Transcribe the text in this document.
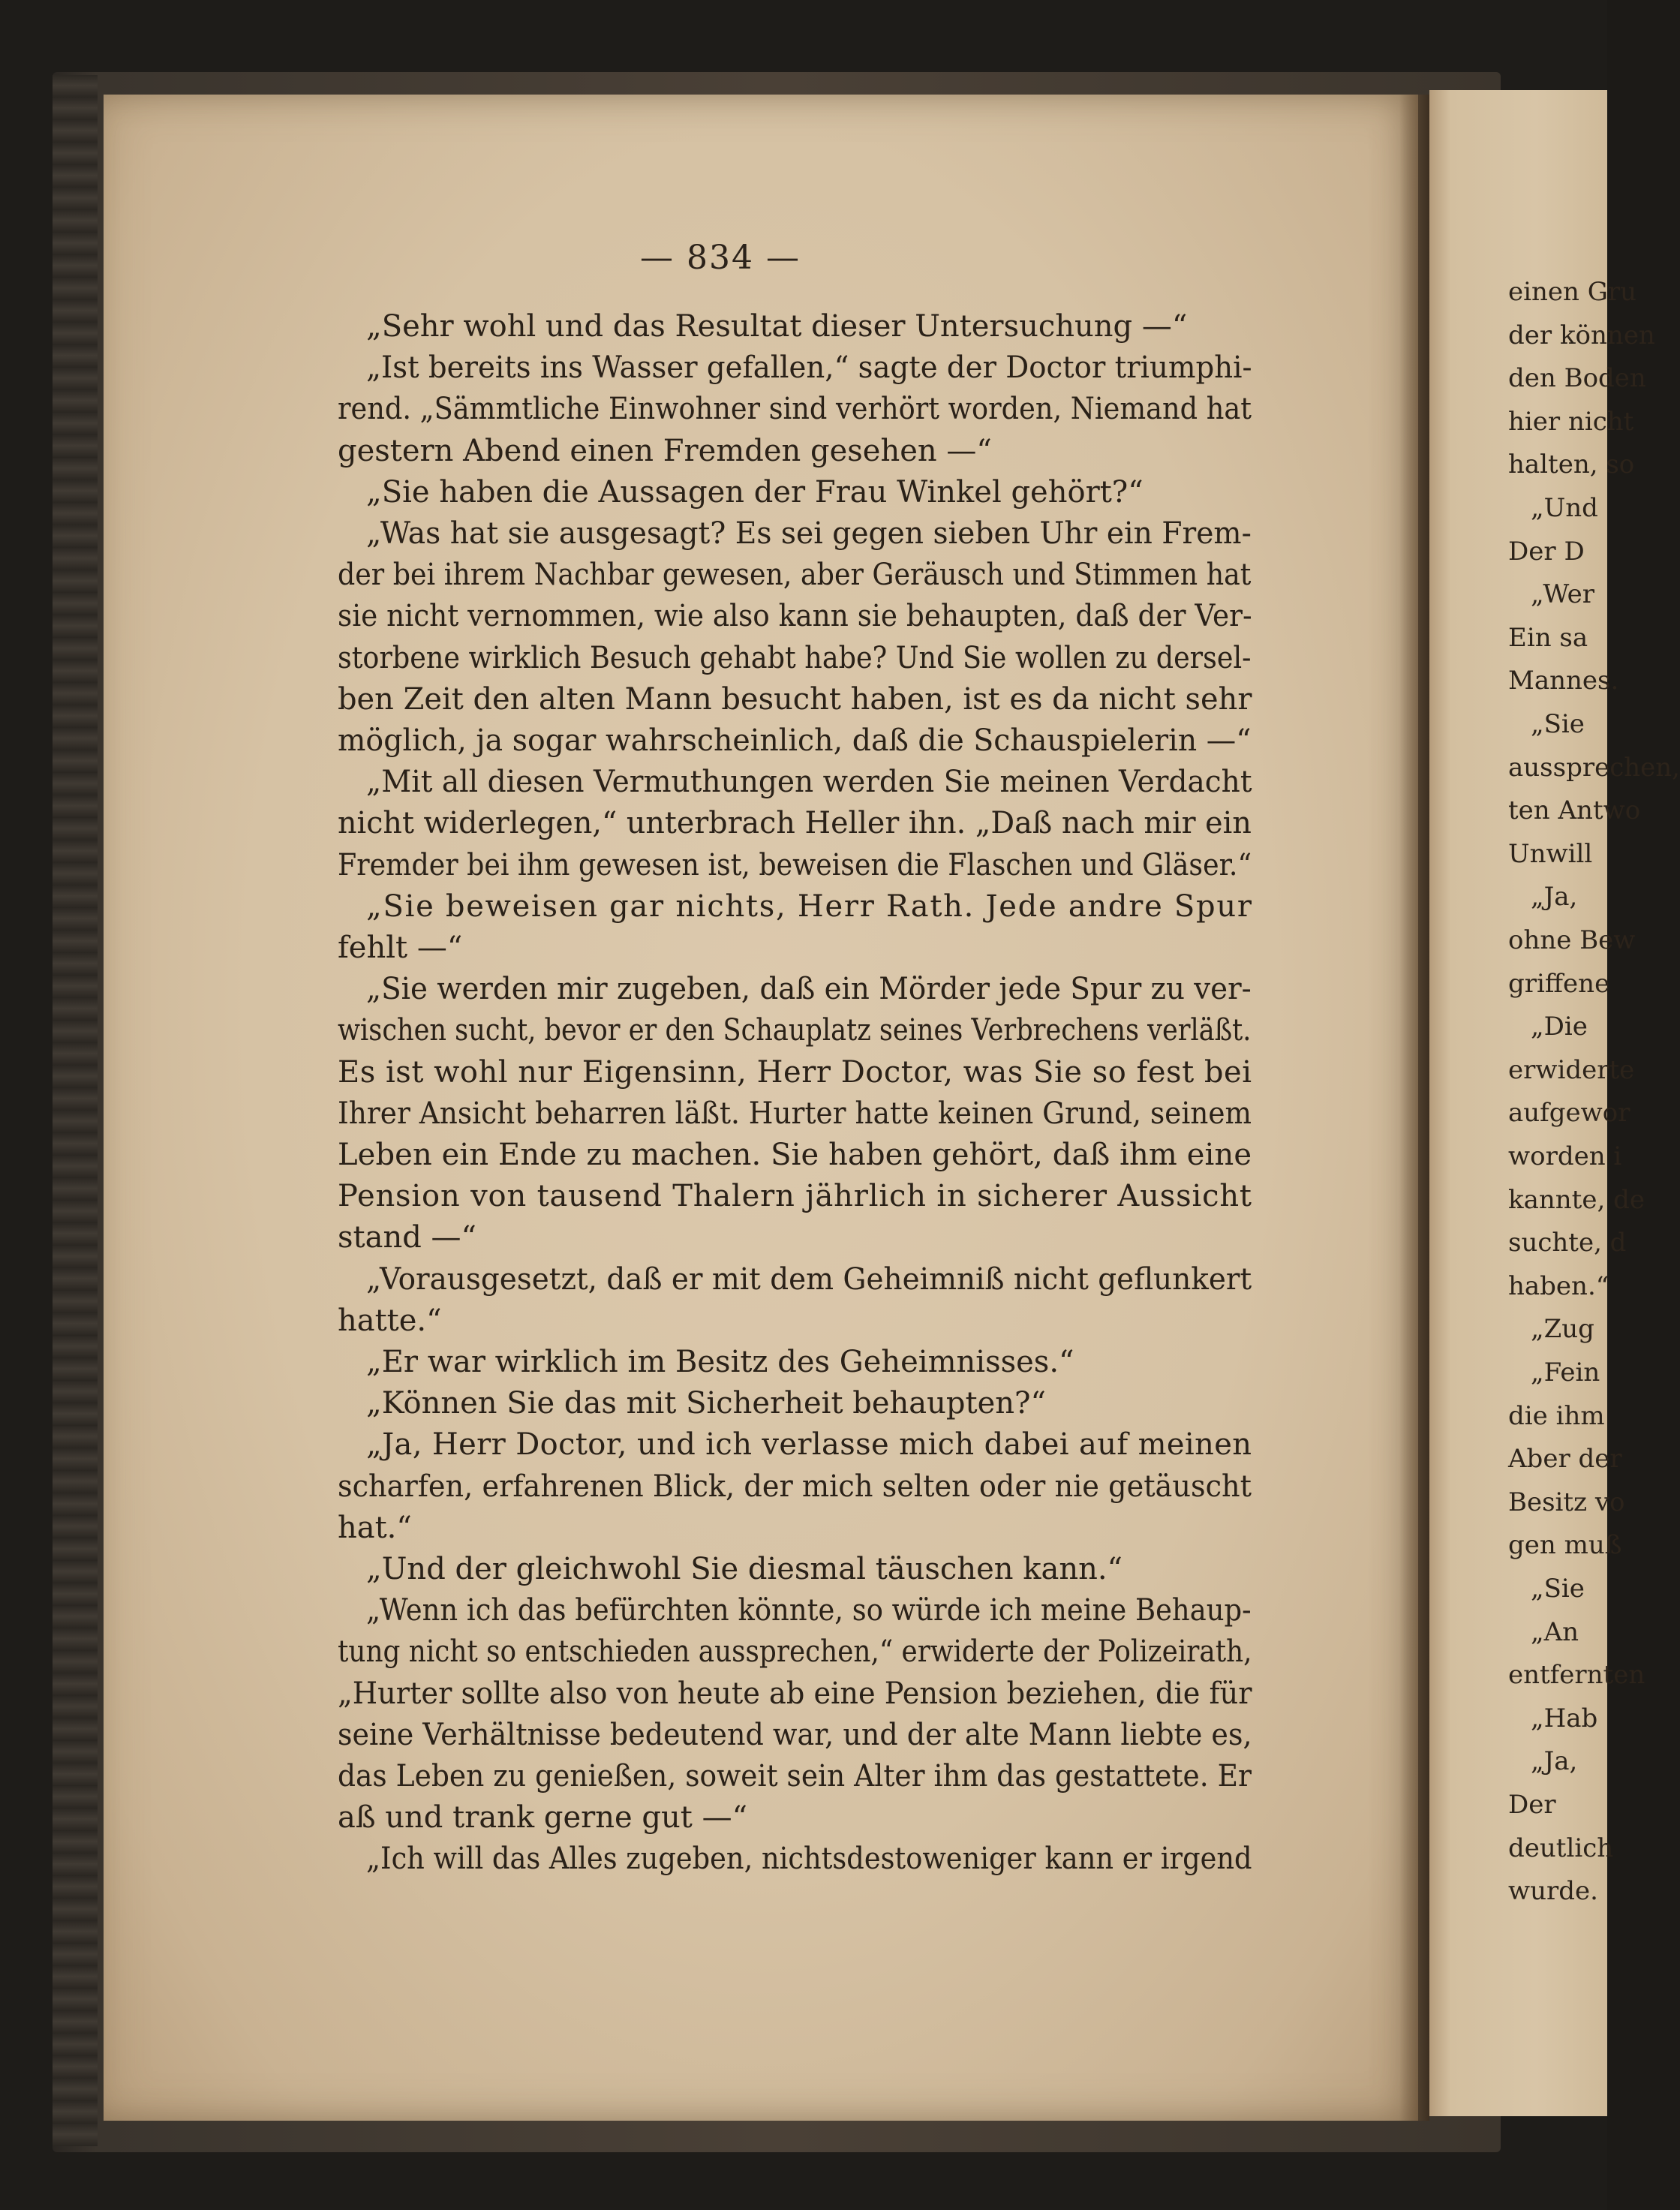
— 834 —
„Sehr wohl und das Resultat dieser Untersuchung —“
„Ist bereits ins Wasser gefallen,“ sagte der Doctor triumphi-
rend. „Sämmtliche Einwohner sind verhört worden, Niemand hat
gestern Abend einen Fremden gesehen —“
„Sie haben die Aussagen der Frau Winkel gehört?“
„Was hat sie ausgesagt? Es sei gegen sieben Uhr ein Frem-
der bei ihrem Nachbar gewesen, aber Geräusch und Stimmen hat
sie nicht vernommen, wie also kann sie behaupten, daß der Ver-
storbene wirklich Besuch gehabt habe? Und Sie wollen zu dersel-
ben Zeit den alten Mann besucht haben, ist es da nicht sehr
möglich, ja sogar wahrscheinlich, daß die Schauspielerin —“
„Mit all diesen Vermuthungen werden Sie meinen Verdacht
nicht widerlegen,“ unterbrach Heller ihn. „Daß nach mir ein
Fremder bei ihm gewesen ist, beweisen die Flaschen und Gläser.“
„Sie beweisen gar nichts, Herr Rath. Jede andre Spur
fehlt —“
„Sie werden mir zugeben, daß ein Mörder jede Spur zu ver-
wischen sucht, bevor er den Schauplatz seines Verbrechens verläßt.
Es ist wohl nur Eigensinn, Herr Doctor, was Sie so fest bei
Ihrer Ansicht beharren läßt. Hurter hatte keinen Grund, seinem
Leben ein Ende zu machen. Sie haben gehört, daß ihm eine
Pension von tausend Thalern jährlich in sicherer Aussicht
stand —“
„Vorausgesetzt, daß er mit dem Geheimniß nicht geflunkert
hatte.“
„Er war wirklich im Besitz des Geheimnisses.“
„Können Sie das mit Sicherheit behaupten?“
„Ja, Herr Doctor, und ich verlasse mich dabei auf meinen
scharfen, erfahrenen Blick, der mich selten oder nie getäuscht
hat.“
„Und der gleichwohl Sie diesmal täuschen kann.“
„Wenn ich das befürchten könnte, so würde ich meine Behaup-
tung nicht so entschieden aussprechen,“ erwiderte der Polizeirath,
„Hurter sollte also von heute ab eine Pension beziehen, die für
seine Verhältnisse bedeutend war, und der alte Mann liebte es,
das Leben zu genießen, soweit sein Alter ihm das gestattete. Er
aß und trank gerne gut —“
„Ich will das Alles zugeben, nichtsdestoweniger kann er irgend
einen Gru
der können
den Boden
hier nicht
halten, so
„Und
Der D
„Wer
Ein sa
Mannes.
„Sie
aussprechen,
ten Antwo
Unwill
„Ja,
ohne Bew
griffene
„Die
erwiderte
aufgewor
worden i
kannte, de
suchte, d
haben.“
„Zug
„Fein
die ihm
Aber der
Besitz vo
gen muß
„Sie
„An
entfernten
„Hab
„Ja,
Der
deutlich
wurde.
